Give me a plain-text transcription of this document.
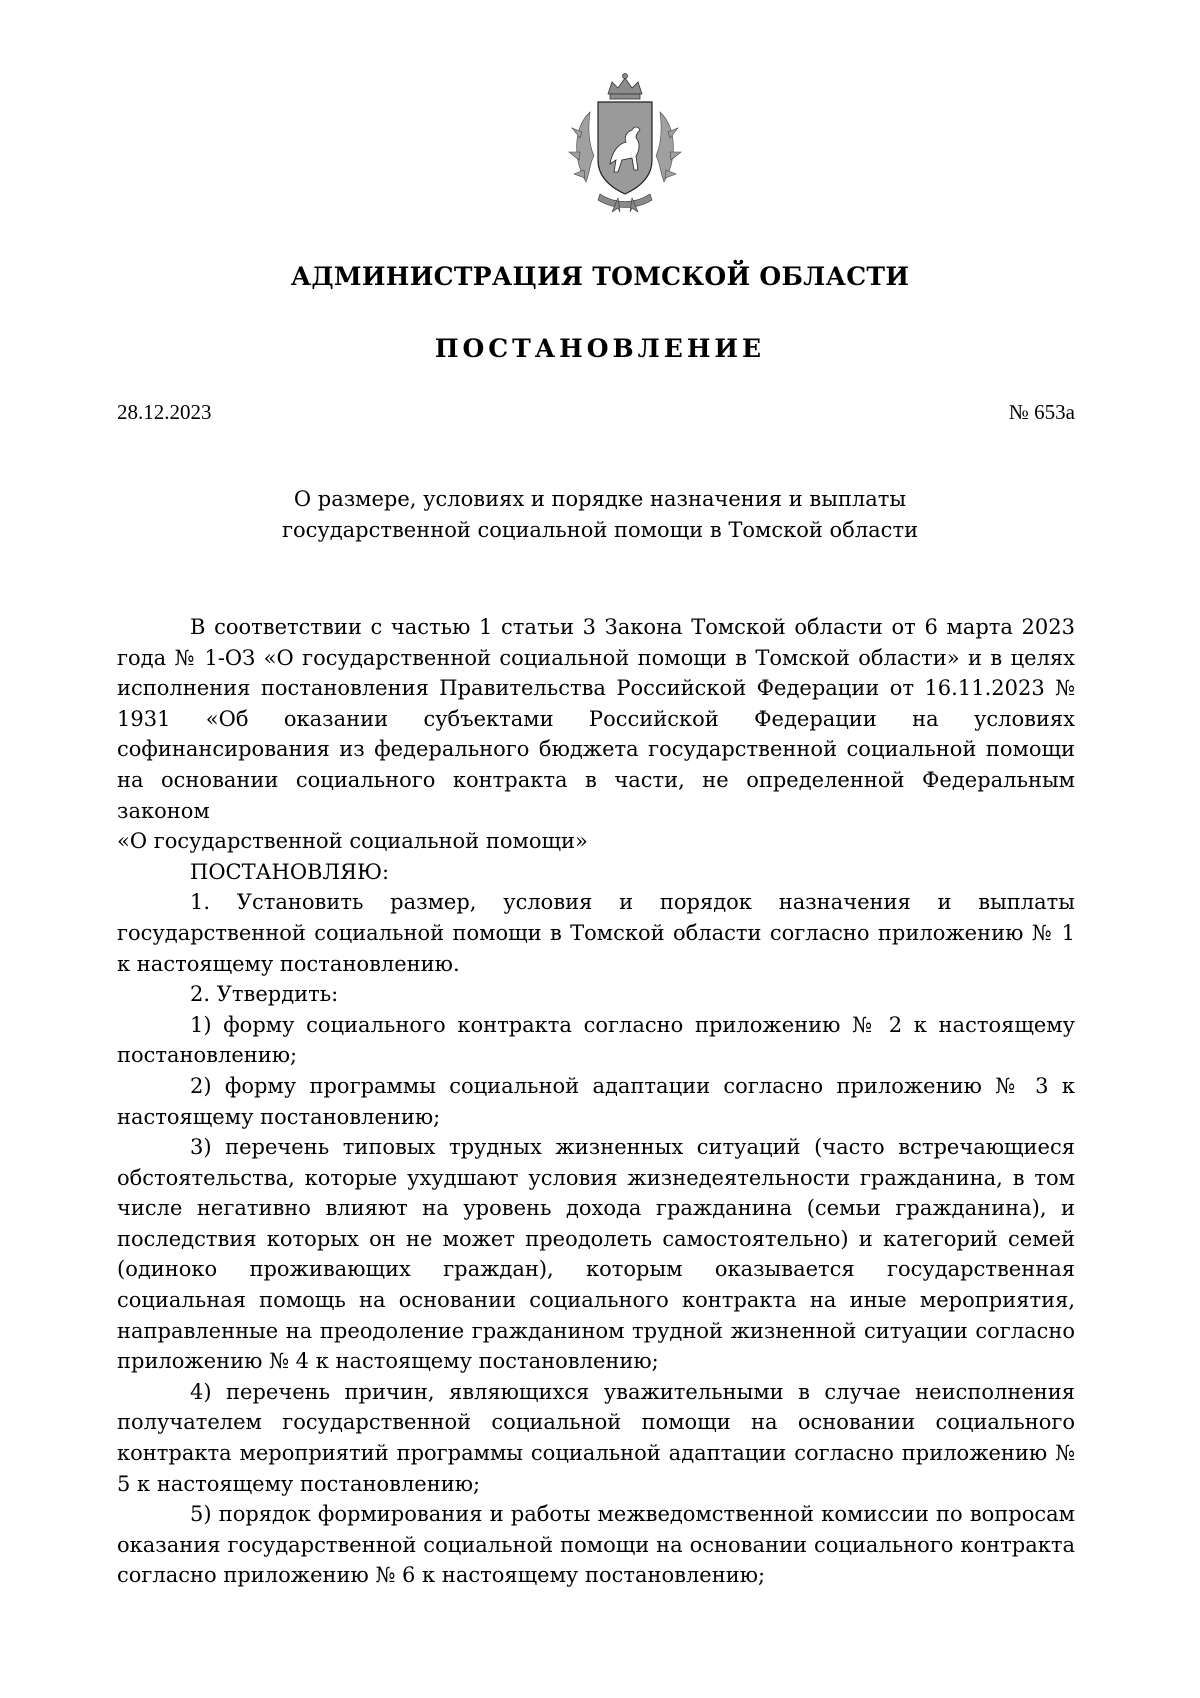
АДМИНИСТРАЦИЯ ТОМСКОЙ ОБЛАСТИ
ПОСТАНОВЛЕНИЕ
28.12.2023	№ 653а
О размере, условиях и порядке назначения и выплаты
государственной социальной помощи в Томской области

В соответствии с частью 1 статьи 3 Закона Томской области от 6 марта 2023 года № 1-ОЗ «О государственной социальной помощи в Томской области» и в целях исполнения постановления Правительства Российской Федерации от 16.11.2023 № 1931 «Об оказании субъектами Российской Федерации на условиях софинансирования из федерального бюджета государственной социальной помощи на основании социального контракта в части, не определенной Федеральным законом

«О государственной социальной помощи»

ПОСТАНОВЛЯЮ:

1. Установить размер, условия и порядок назначения и выплаты государственной социальной помощи в Томской области согласно приложению № 1 к настоящему постановлению.

2. Утвердить:

1) форму социального контракта согласно приложению № 2 к настоящему постановлению;

2) форму программы социальной адаптации согласно приложению № 3 к настоящему постановлению;

3) перечень типовых трудных жизненных ситуаций (часто встречающиеся обстоятельства, которые ухудшают условия жизнедеятельности гражданина, в том числе негативно влияют на уровень дохода гражданина (семьи гражданина), и последствия которых он не может преодолеть самостоятельно) и категорий семей (одиноко проживающих граждан), которым оказывается государственная социальная помощь на основании социального контракта на иные мероприятия, направленные на преодоление гражданином трудной жизненной ситуации согласно приложению № 4 к настоящему постановлению;

4) перечень причин, являющихся уважительными в случае неисполнения получателем государственной социальной помощи на основании социального контракта мероприятий программы социальной адаптации согласно приложению № 5 к настоящему постановлению;

5) порядок формирования и работы межведомственной комиссии по вопросам оказания государственной социальной помощи на основании социального контракта согласно приложению № 6 к настоящему постановлению;
